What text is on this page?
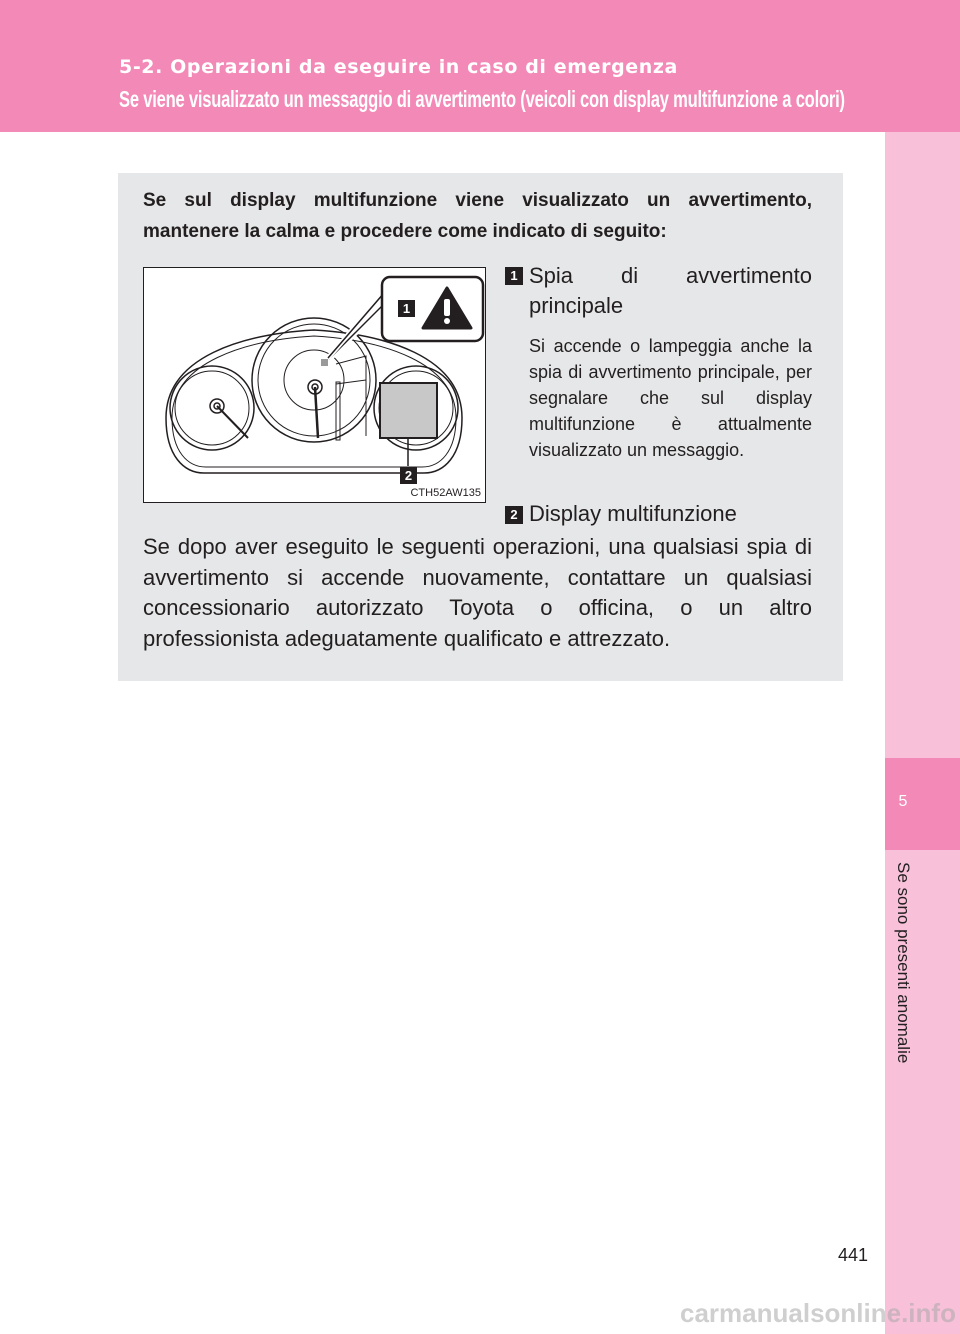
5-2. Operazioni da eseguire in caso di emergenza
Se viene visualizzato un messaggio di avvertimento (veicoli con display multifunzione a colori)
5
Se sono presenti anomalie
Se sul display multifunzione viene visualizzato un avvertimento, mantenere la calma e procedere come indicato di seguito:
1
2
CTH52AW135
1 Spia di avvertimento principale
Si accende o lampeggia anche la spia di avvertimento principale, per segnalare che sul display multifunzione è attualmente visualizzato un messaggio.
2 Display multifunzione
Se dopo aver eseguito le seguenti operazioni, una qualsiasi spia di avvertimento si accende nuovamente, contattare un qualsiasi concessionario autorizzato Toyota o officina, o un altro professionista adeguatamente qualificato e attrezzato.
441
carmanualsonline.info
